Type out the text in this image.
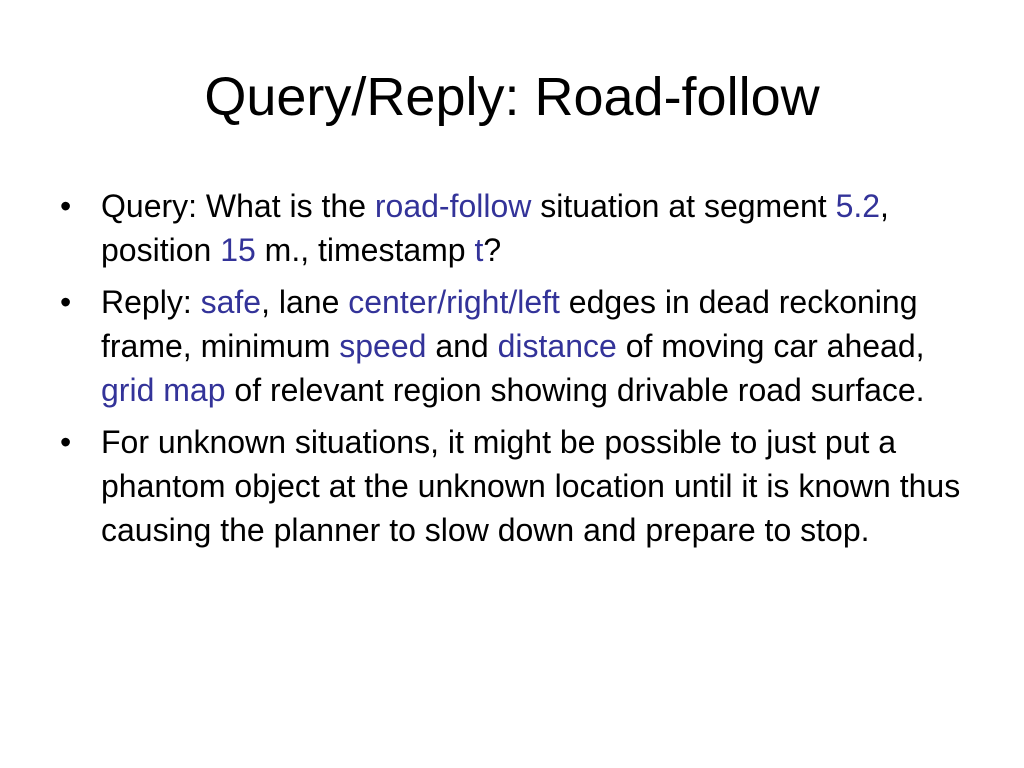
Query/Reply: Road-follow
• Query: What is the road-follow situation at segment 5.2, position 15 m., timestamp t?
• Reply: safe, lane center/right/left edges in dead reckoning frame, minimum speed and distance of moving car ahead, grid map of relevant region showing drivable road surface.
• For unknown situations, it might be possible to just put a phantom object at the unknown location until it is known thus causing the planner to slow down and prepare to stop.
